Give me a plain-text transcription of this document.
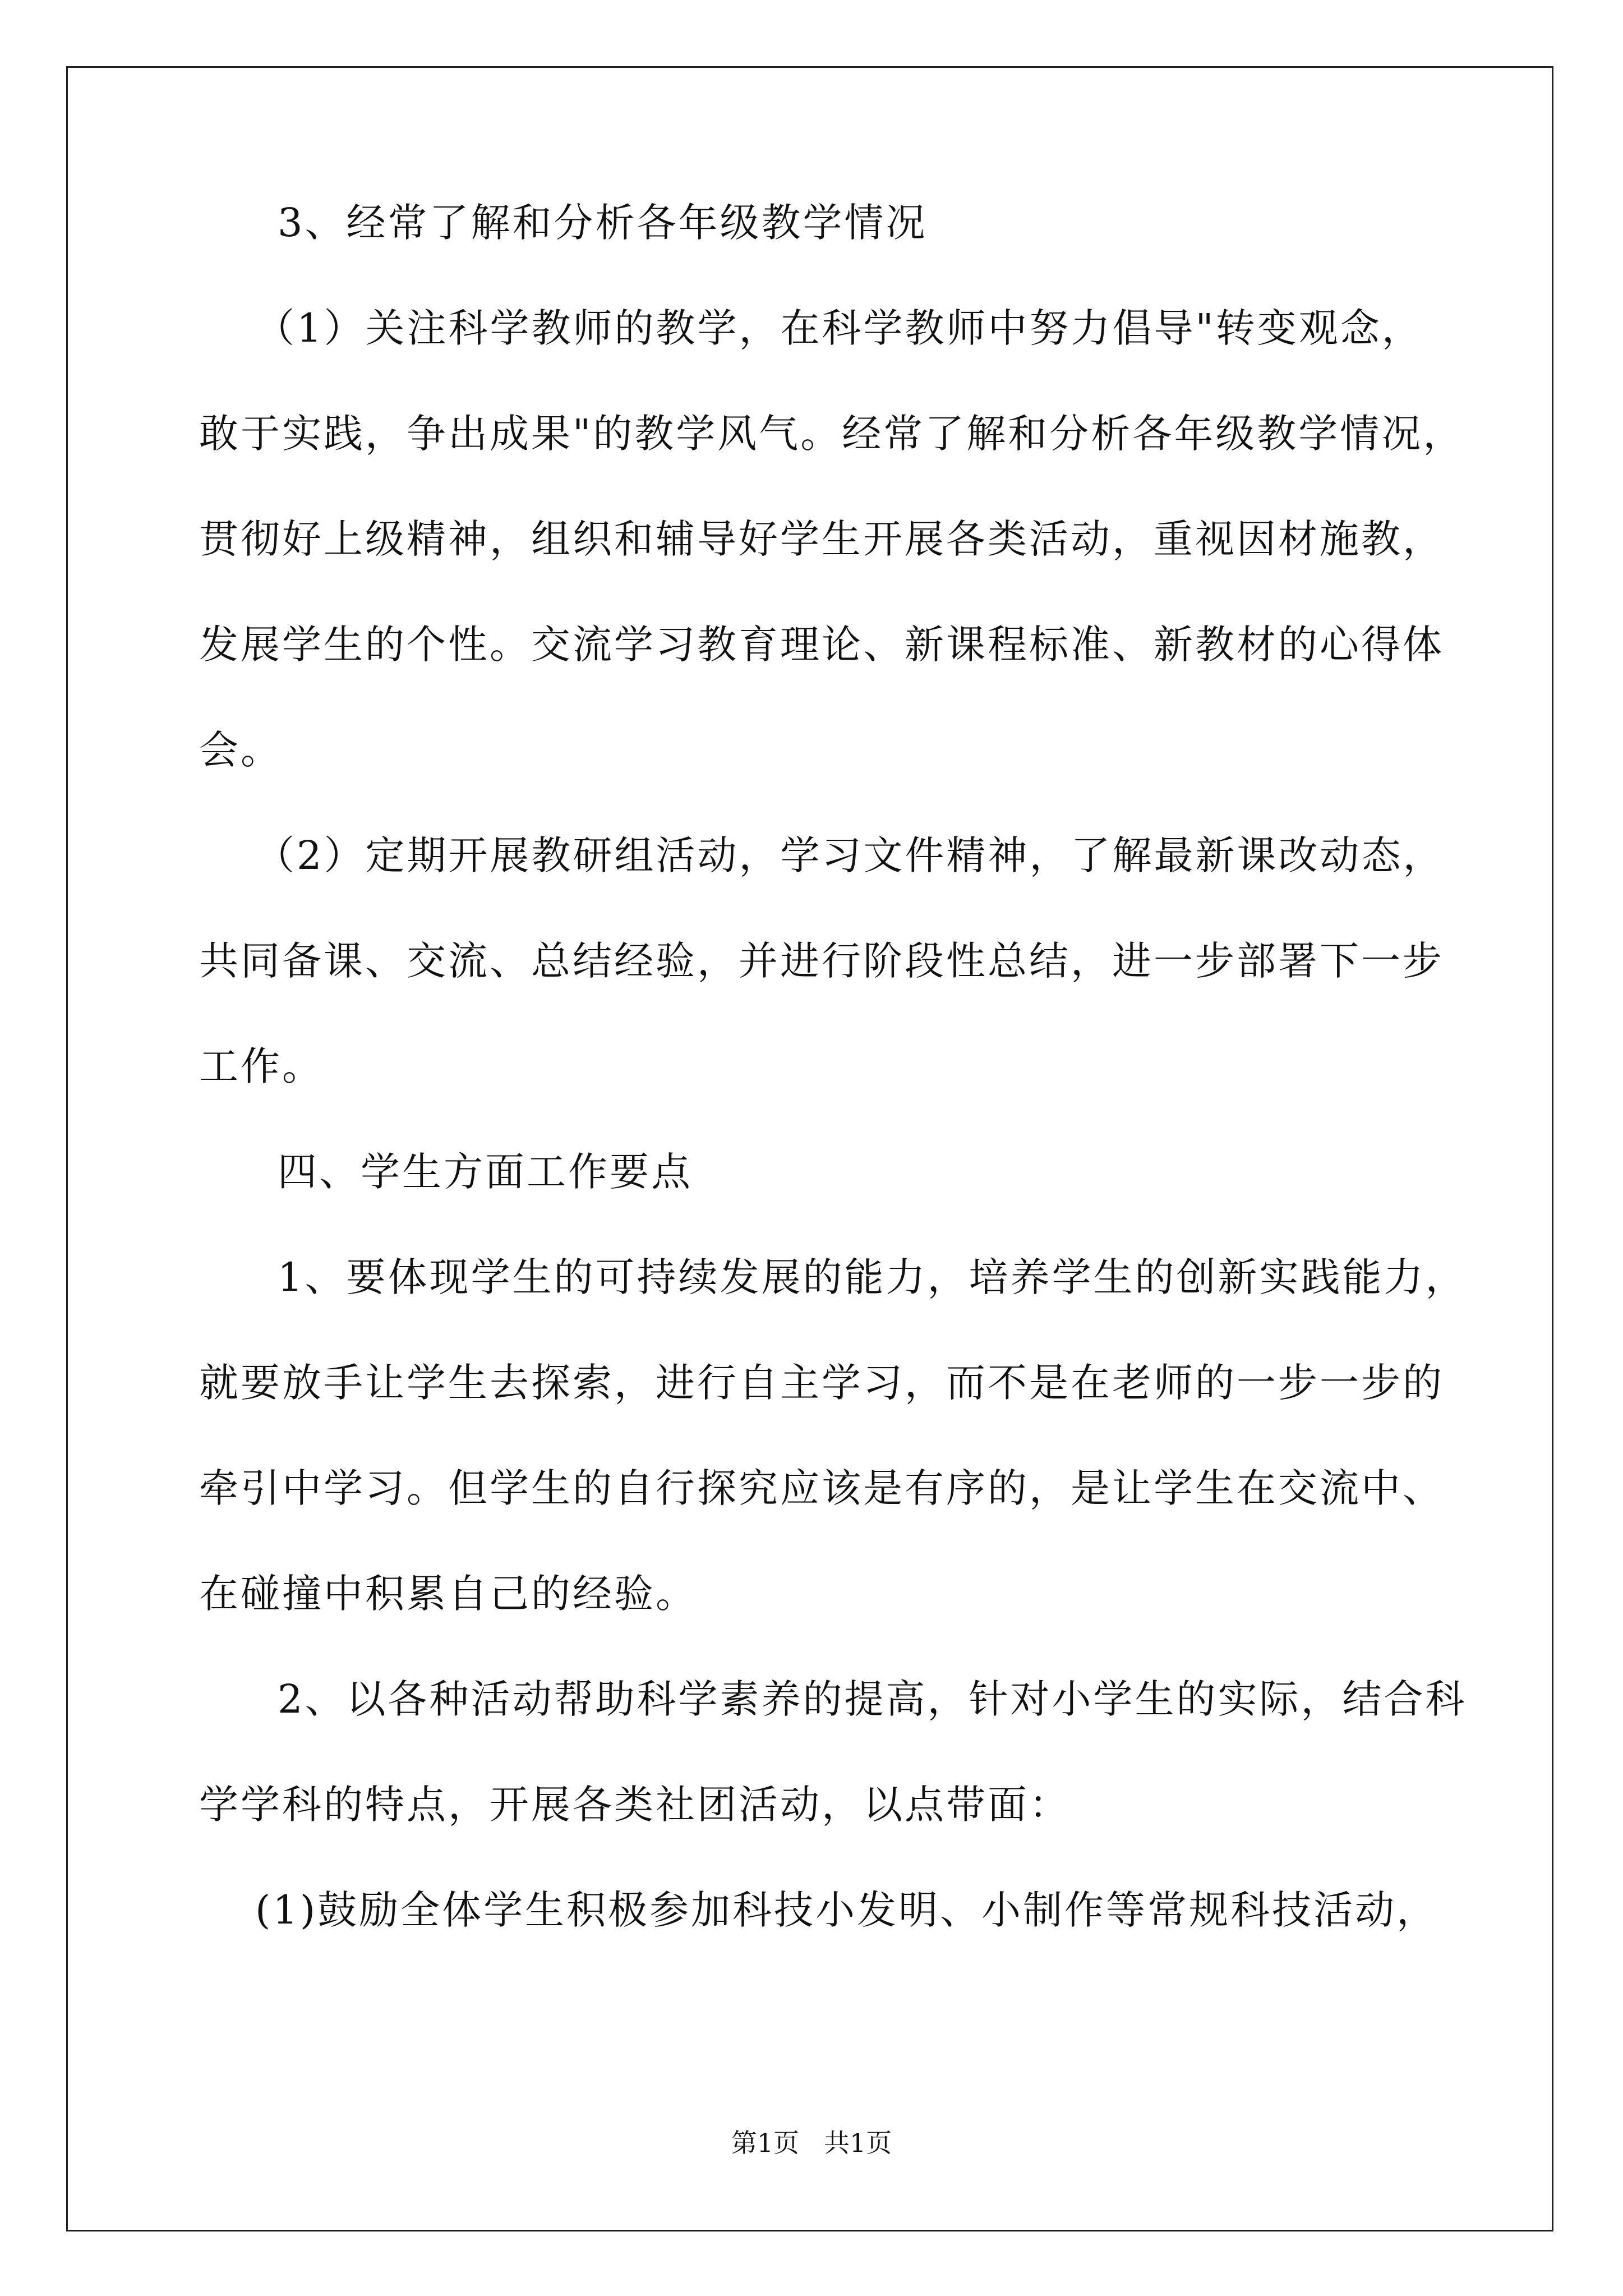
3、经常了解和分析各年级教学情况
（1）关注科学教师的教学，在科学教师中努力倡导"转变观念，
敢于实践，争出成果"的教学风气。经常了解和分析各年级教学情况，
贯彻好上级精神，组织和辅导好学生开展各类活动，重视因材施教，
发展学生的个性。交流学习教育理论、新课程标准、新教材的心得体
会。
（2）定期开展教研组活动，学习文件精神，了解最新课改动态，
共同备课、交流、总结经验，并进行阶段性总结，进一步部署下一步
工作。
四、学生方面工作要点
1、要体现学生的可持续发展的能力，培养学生的创新实践能力，
就要放手让学生去探索，进行自主学习，而不是在老师的一步一步的
牵引中学习。但学生的自行探究应该是有序的，是让学生在交流中、
在碰撞中积累自己的经验。
2、以各种活动帮助科学素养的提高，针对小学生的实际，结合科
学学科的特点，开展各类社团活动，以点带面：
(1)鼓励全体学生积极参加科技小发明、小制作等常规科技活动，
第1页 共1页
